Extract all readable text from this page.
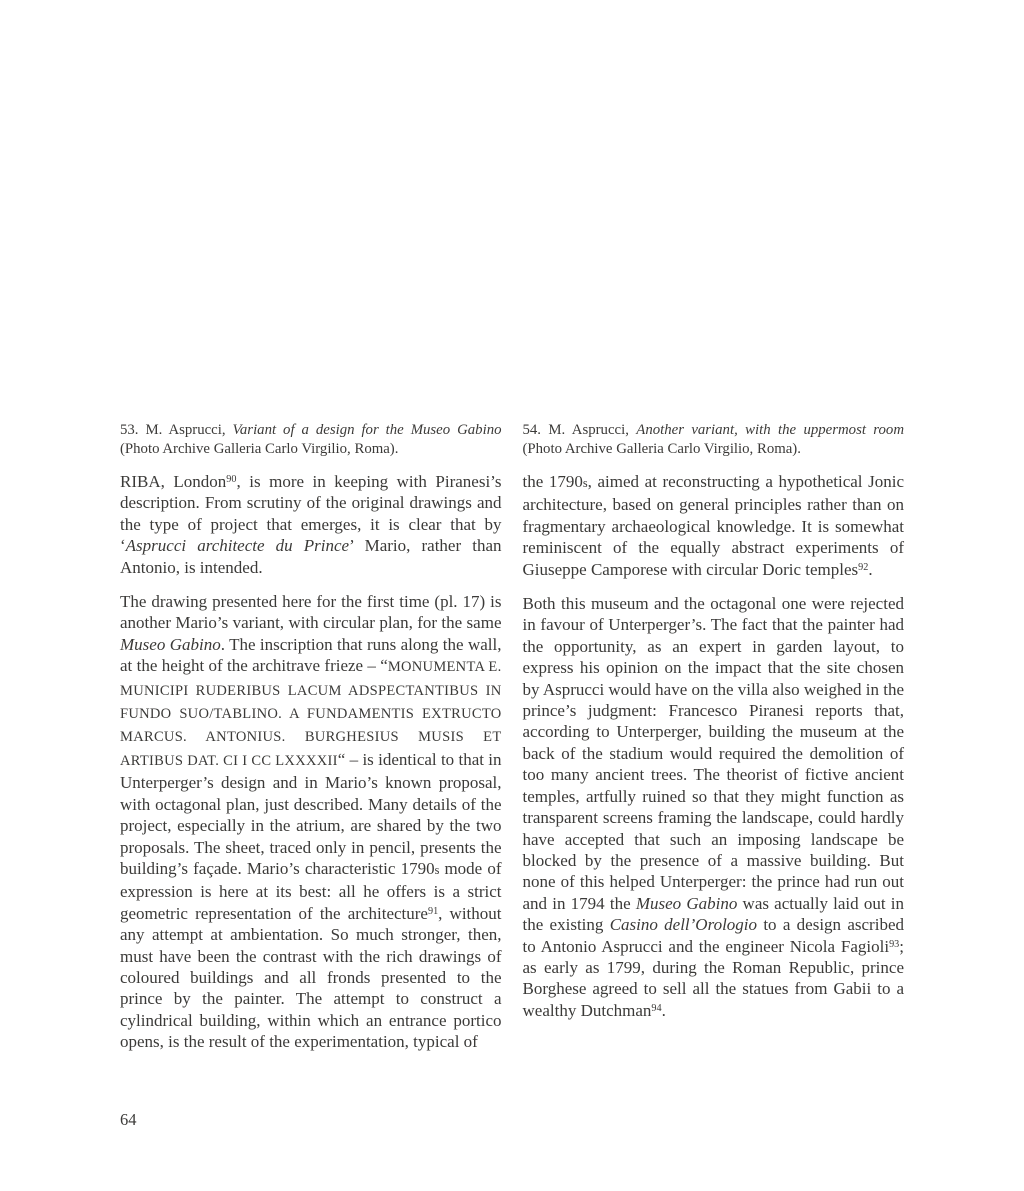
53. M. Asprucci, Variant of a design for the Museo Gabino (Photo Archive Galleria Carlo Virgilio, Roma).

RIBA, London$^{90}$, is more in keeping with Piranesi’s description. From scrutiny of the original drawings and the type of project that emerges, it is clear that by ‘Asprucci architecte du Prince’ Mario, rather than Antonio, is intended.

The drawing presented here for the first time (pl. 17) is another Mario’s variant, with circular plan, for the same Museo Gabino. The inscription that runs along the wall, at the height of the architrave frieze – “MONUMENTA E. MUNICIPI RUDERIBUS LACUM ADSPECTANTIBUS IN FUNDO SUO/TABLINO. A FUNDAMENTIS EXTRUCTO MARCUS. ANTONIUS. BURGHESIUS MUSIS ET ARTIBUS DAT. CI I CC LXXXXII“ – is identical to that in Unterperger’s design and in Mario’s known proposal, with octagonal plan, just described. Many details of the project, especially in the atrium, are shared by the two proposals. The sheet, traced only in pencil, presents the building’s façade. Mario’s characteristic 1790s mode of expression is here at its best: all he offers is a strict geometric representation of the architecture$^{91}$, without any attempt at ambientation. So much stronger, then, must have been the contrast with the rich drawings of coloured buildings and all fronds presented to the prince by the painter. The attempt to construct a cylindrical building, within which an entrance portico opens, is the result of the experimentation, typical of

54. M. Asprucci, Another variant, with the uppermost room (Photo Archive Galleria Carlo Virgilio, Roma).

the 1790s, aimed at reconstructing a hypothetical Jonic architecture, based on general principles rather than on fragmentary archaeological knowledge. It is somewhat reminiscent of the equally abstract experiments of Giuseppe Camporese with circular Doric temples$^{92}$.

Both this museum and the octagonal one were rejected in favour of Unterperger’s. The fact that the painter had the opportunity, as an expert in garden layout, to express his opinion on the impact that the site chosen by Asprucci would have on the villa also weighed in the prince’s judgment: Francesco Piranesi reports that, according to Unterperger, building the museum at the back of the stadium would required the demolition of too many ancient trees. The theorist of fictive ancient temples, artfully ruined so that they might function as transparent screens framing the landscape, could hardly have accepted that such an imposing landscape be blocked by the presence of a massive building. But none of this helped Unterperger: the prince had run out and in 1794 the Museo Gabino was actually laid out in the existing Casino dell’Orologio to a design ascribed to Antonio Asprucci and the engineer Nicola Fagioli$^{93}$; as early as 1799, during the Roman Republic, prince Borghese agreed to sell all the statues from Gabii to a wealthy Dutchman$^{94}$.

64
